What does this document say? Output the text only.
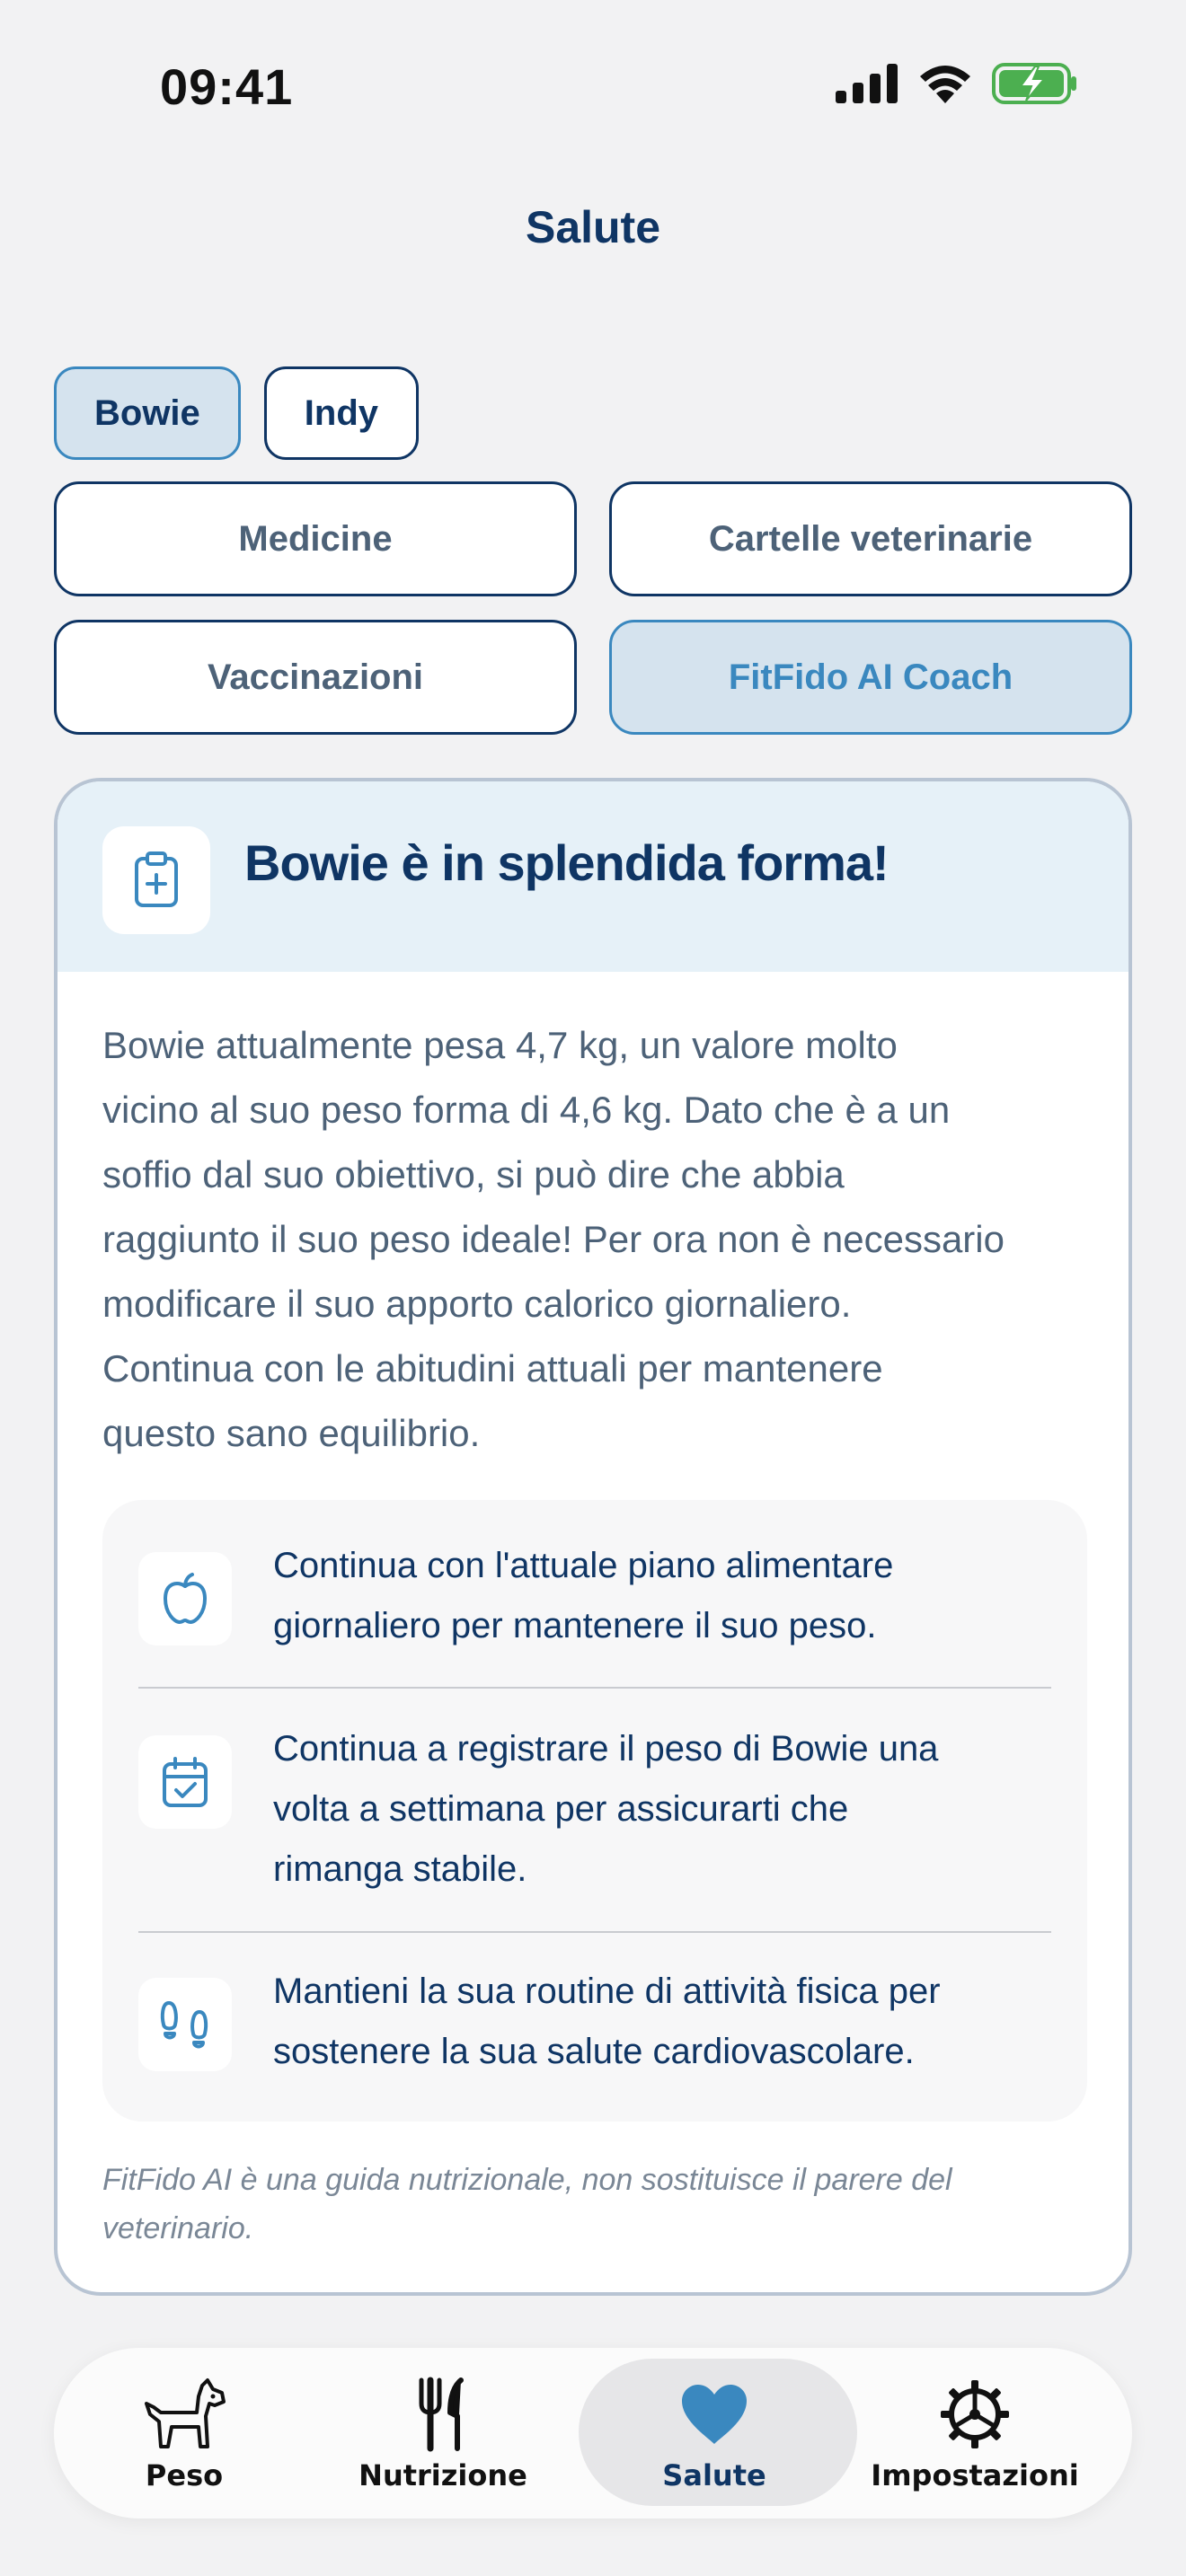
09:41
Salute
Bowie	Indy
Medicine	Cartelle veterinarie
Vaccinazioni	FitFido AI Coach
Bowie è in splendida forma!
Bowie attualmente pesa 4,7 kg, un valore molto
vicino al suo peso forma di 4,6 kg. Dato che è a un
soffio dal suo obiettivo, si può dire che abbia
raggiunto il suo peso ideale! Per ora non è necessario
modificare il suo apporto calorico giornaliero.
Continua con le abitudini attuali per mantenere
questo sano equilibrio.
Continua con l'attuale piano alimentare
giornaliero per mantenere il suo peso.
Continua a registrare il peso di Bowie una
volta a settimana per assicurarti che
rimanga stabile.
Mantieni la sua routine di attività fisica per
sostenere la sua salute cardiovascolare.
FitFido AI è una guida nutrizionale, non sostituisce il parere del
veterinario.
Peso	Nutrizione	Salute	Impostazioni
